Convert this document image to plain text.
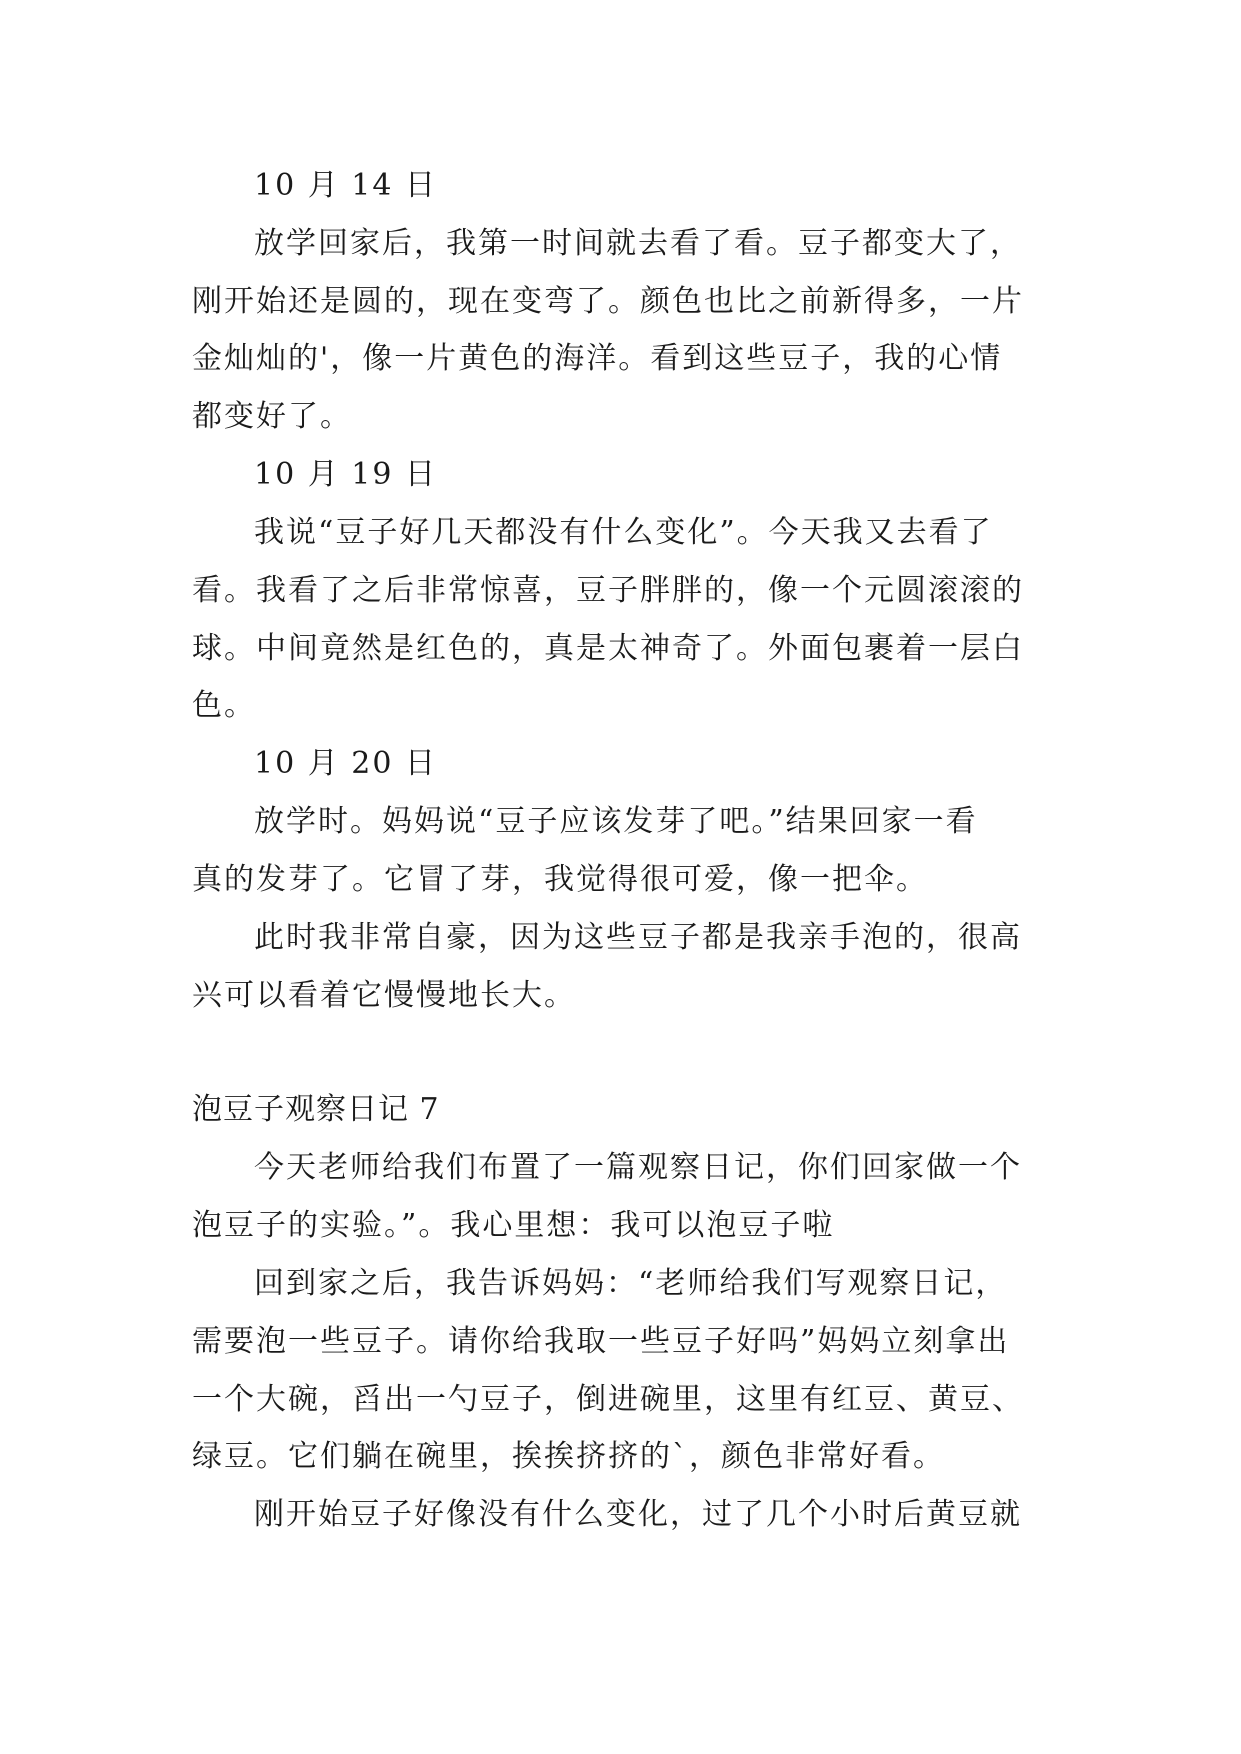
10 月 14 日
放学回家后，我第一时间就去看了看。豆子都变大了，
刚开始还是圆的，现在变弯了。颜色也比之前新得多，一片
金灿灿的'，像一片黄色的海洋。看到这些豆子，我的心情
都变好了。
10 月 19 日
我说“豆子好几天都没有什么变化”。今天我又去看了
看。我看了之后非常惊喜，豆子胖胖的，像一个元圆滚滚的
球。中间竟然是红色的，真是太神奇了。外面包裹着一层白
色。
10 月 20 日
放学时。妈妈说“豆子应该发芽了吧。”结果回家一看
真的发芽了。它冒了芽，我觉得很可爱，像一把伞。
此时我非常自豪，因为这些豆子都是我亲手泡的，很高
兴可以看着它慢慢地长大。
泡豆子观察日记 7
今天老师给我们布置了一篇观察日记，你们回家做一个
泡豆子的实验。”。我心里想：我可以泡豆子啦
回到家之后，我告诉妈妈：“老师给我们写观察日记，
需要泡一些豆子。请你给我取一些豆子好吗”妈妈立刻拿出
一个大碗，舀出一勺豆子，倒进碗里，这里有红豆、黄豆、
绿豆。它们躺在碗里，挨挨挤挤的`，颜色非常好看。
刚开始豆子好像没有什么变化，过了几个小时后黄豆就
